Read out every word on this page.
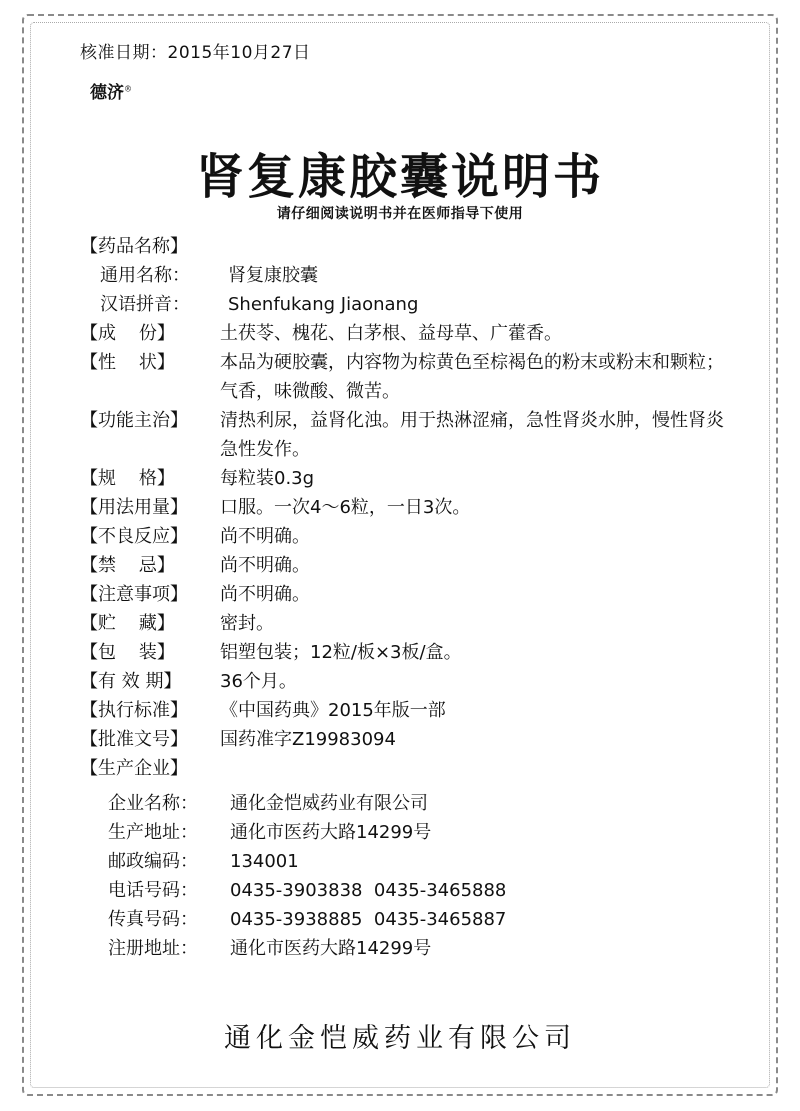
核准日期：2015年10月27日
德济®
肾复康胶囊说明书
请仔细阅读说明书并在医师指导下使用
【药品名称】
通用名称：	肾复康胶囊
汉语拼音：	Shenfukang Jiaonang
【成    份】	土茯苓、槐花、白茅根、益母草、广藿香。
【性    状】	本品为硬胶囊，内容物为棕黄色至棕褐色的粉末或粉末和颗粒；气香，味微酸、微苦。
【功能主治】	清热利尿，益肾化浊。用于热淋涩痛，急性肾炎水肿，慢性肾炎急性发作。
【规    格】	每粒装0.3g
【用法用量】	口服。一次4～6粒，一日3次。
【不良反应】	尚不明确。
【禁    忌】	尚不明确。
【注意事项】	尚不明确。
【贮    藏】	密封。
【包    装】	铝塑包装；12粒/板×3板/盒。
【有 效 期】	36个月。
【执行标准】	《中国药典》2015年版一部
【批准文号】	国药准字Z19983094
【生产企业】
企业名称：	通化金恺威药业有限公司
生产地址：	通化市医药大路14299号
邮政编码：	134001
电话号码：	0435-3903838  0435-3465888
传真号码：	0435-3938885  0435-3465887
注册地址：	通化市医药大路14299号
通化金恺威药业有限公司
